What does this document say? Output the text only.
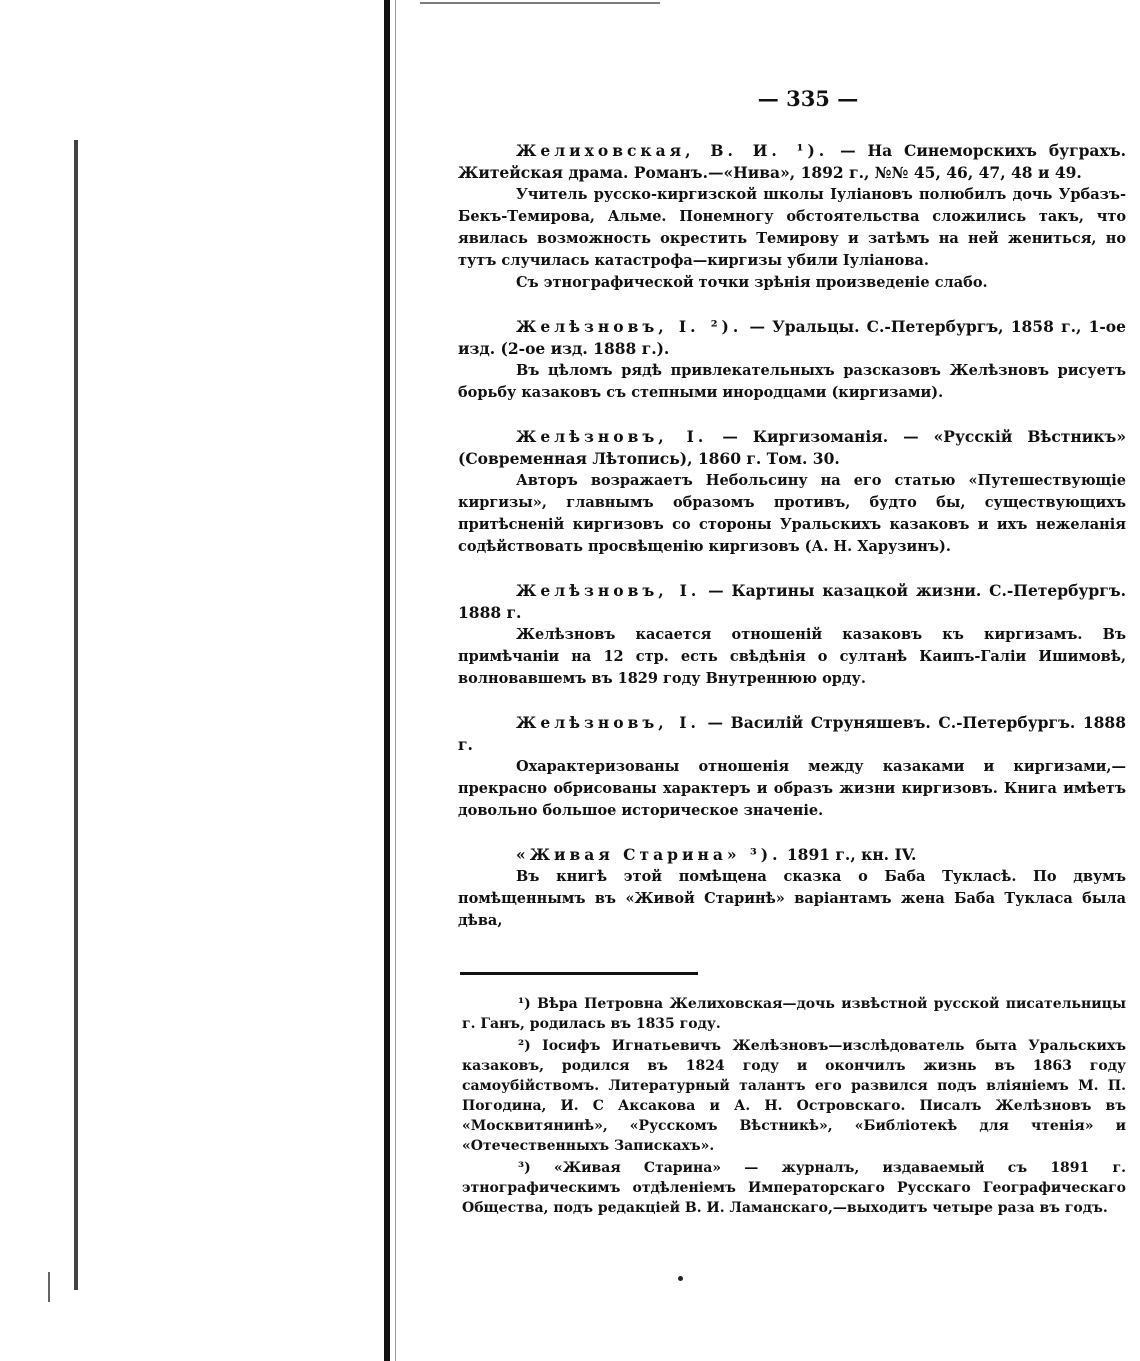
— 335 —

Желиховская, В. И. ¹). — На Синеморскихъ буграхъ. Житейская драма. Романъ.—«Нива», 1892 г., №№ 45, 46, 47, 48 и 49.

Учитель русско-киргизской школы Іуліановъ полюбилъ дочь Урбазъ-Бекъ-Темирова, Альме. Понемногу обстоятельства сложились такъ, что явилась возможность окрестить Темирову и затѣмъ на ней жениться, но тутъ случилась катастрофа—киргизы убили Іуліанова.

Съ этнографической точки зрѣнія произведеніе слабо.

Желѣзновъ, І. ²). — Уральцы. С.-Петербургъ, 1858 г., 1-ое изд. (2-ое изд. 1888 г.).

Въ цѣломъ рядѣ привлекательныхъ разсказовъ Желѣзновъ рисуетъ борьбу казаковъ съ степными инородцами (киргизами).

Желѣзновъ, І. — Киргизоманія. — «Русскій Вѣстникъ» (Современная Лѣтопись), 1860 г. Том. 30.

Авторъ возражаетъ Небольсину на его статью «Путешествующіе киргизы», главнымъ образомъ противъ, будто бы, существующихъ притѣсненій киргизовъ со стороны Уральскихъ казаковъ и ихъ нежеланія содѣйствовать просвѣщенію киргизовъ (А. Н. Харузинъ).

Желѣзновъ, І. — Картины казацкой жизни. С.-Петербургъ. 1888 г.

Желѣзновъ касается отношеній казаковъ къ киргизамъ. Въ примѣчаніи на 12 стр. есть свѣдѣнія о султанѣ Каипъ-Галіи Ишимовѣ, волновавшемъ въ 1829 году Внутреннюю орду.

Желѣзновъ, І. — Василій Струняшевъ. С.-Петербургъ. 1888 г.

Охарактеризованы отношенія между казаками и киргизами,—прекрасно обрисованы характеръ и образъ жизни киргизовъ. Книга имѣетъ довольно большое историческое значеніе.

«Живая Старина» ³). 1891 г., кн. IV.

Въ книгѣ этой помѣщена сказка о Баба Тукласѣ. По двумъ помѣщеннымъ въ «Живой Старинѣ» варіантамъ жена Баба Тукласа была дѣва,

¹) Вѣра Петровна Желиховская—дочь извѣстной русской писательницы г. Ганъ, родилась въ 1835 году.

²) Іосифъ Игнатьевичъ Желѣзновъ—изслѣдователь быта Уральскихъ казаковъ, родился въ 1824 году и окончилъ жизнь въ 1863 году самоубійствомъ. Литературный талантъ его развился подъ вліяніемъ М. П. Погодина, И. С Аксакова и А. Н. Островскаго. Писалъ Желѣзновъ въ «Москвитянинѣ», «Русскомъ Вѣстникѣ», «Библіотекѣ для чтенія» и «Отечественныхъ Запискахъ».

³) «Живая Старина» — журналъ, издаваемый съ 1891 г. этнографическимъ отдѣленіемъ Императорскаго Русскаго Географическаго Общества, подъ редакціей В. И. Ламанскаго,—выходитъ четыре раза въ годъ.
